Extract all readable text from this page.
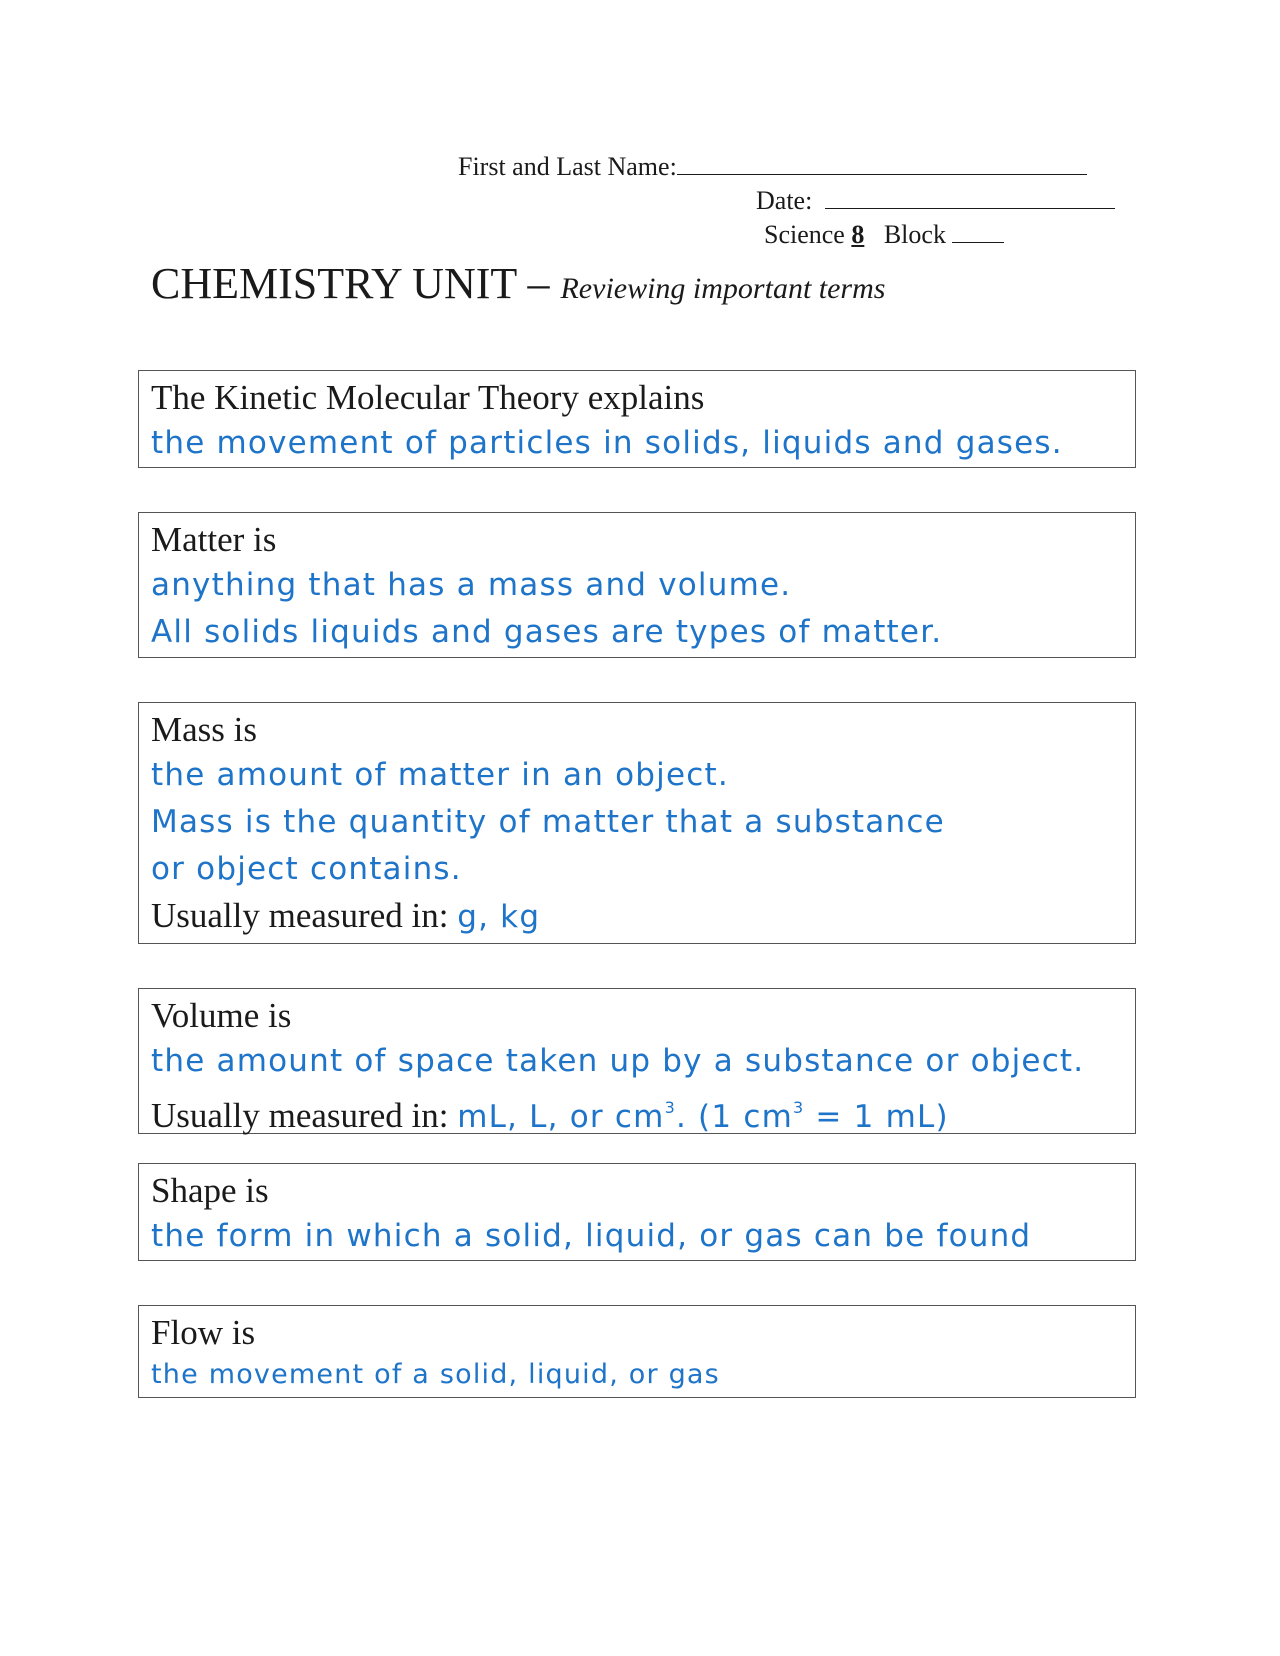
First and Last Name:
Date:
Science 8 Block
CHEMISTRY UNIT – Reviewing important terms
The Kinetic Molecular Theory explains
the movement of particles in solids, liquids and gases.
Matter is
anything that has a mass and volume.
All solids liquids and gases are types of matter.
Mass is
the amount of matter in an object.
Mass is the quantity of matter that a substance
or object contains.
Usually measured in: g, kg
Volume is
the amount of space taken up by a substance or object.
Usually measured in: mL, L, or $cm^3$. (1 $cm^3 = 1$ mL)
Shape is
the form in which a solid, liquid, or gas can be found
Flow is
the movement of a solid, liquid, or gas
